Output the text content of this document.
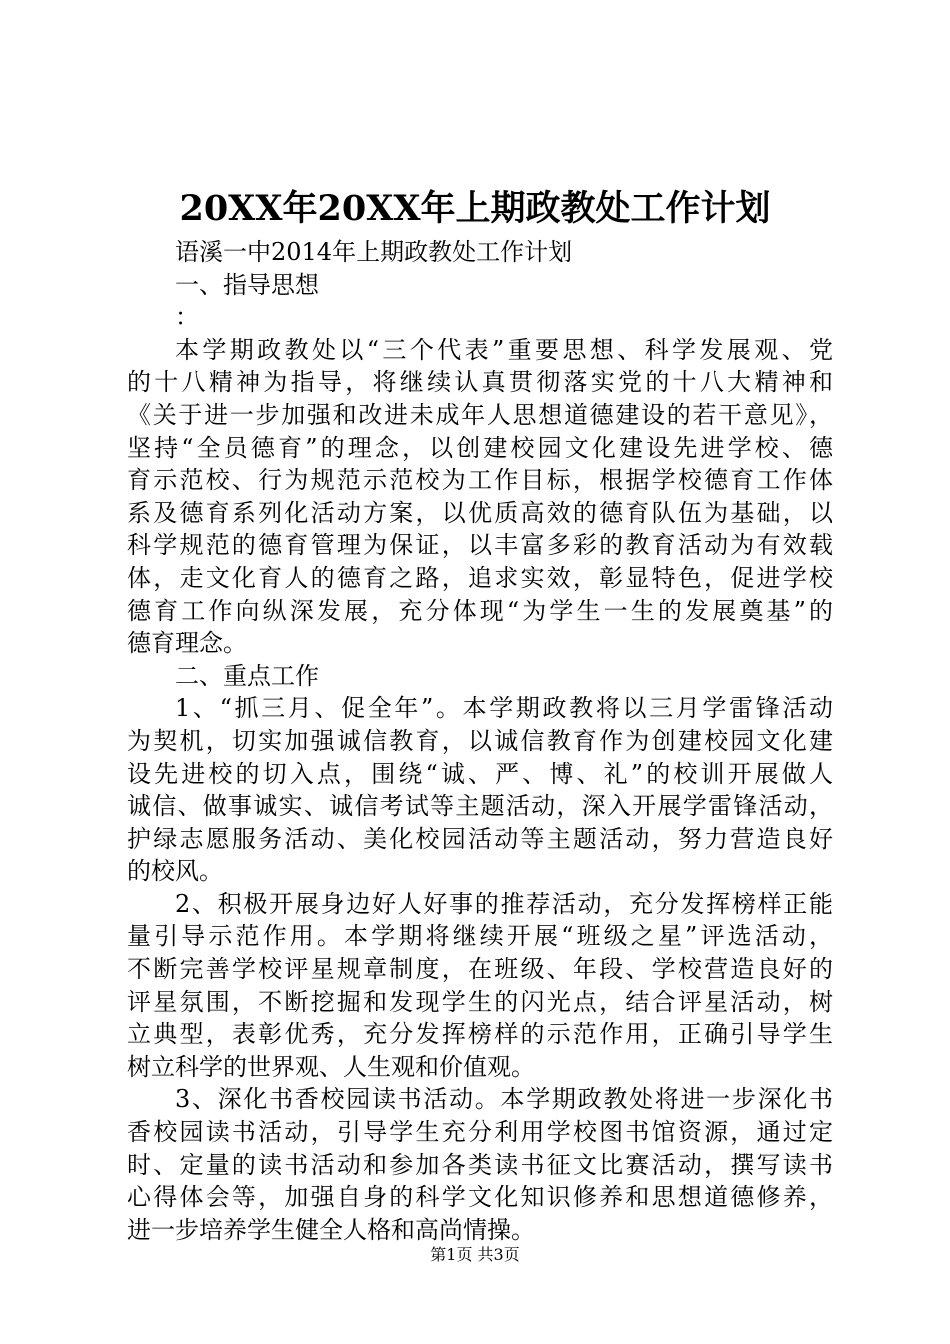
20XX年20XX年上期政教处工作计划
语溪一中2014年上期政教处工作计划
一、指导思想
：
本学期政教处以“三个代表”重要思想、科学发展观、党
的十八精神为指导，将继续认真贯彻落实党的十八大精神和
《关于进一步加强和改进未成年人思想道德建设的若干意见》，
坚持“全员德育”的理念，以创建校园文化建设先进学校、德
育示范校、行为规范示范校为工作目标，根据学校德育工作体
系及德育系列化活动方案，以优质高效的德育队伍为基础，以
科学规范的德育管理为保证，以丰富多彩的教育活动为有效载
体，走文化育人的德育之路，追求实效，彰显特色，促进学校
德育工作向纵深发展，充分体现“为学生一生的发展奠基”的
德育理念。
二、重点工作
1、“抓三月、促全年”。本学期政教将以三月学雷锋活动
为契机，切实加强诚信教育，以诚信教育作为创建校园文化建
设先进校的切入点，围绕“诚、严、博、礼”的校训开展做人
诚信、做事诚实、诚信考试等主题活动，深入开展学雷锋活动，
护绿志愿服务活动、美化校园活动等主题活动，努力营造良好
的校风。
2、积极开展身边好人好事的推荐活动，充分发挥榜样正能
量引导示范作用。本学期将继续开展“班级之星”评选活动，
不断完善学校评星规章制度，在班级、年段、学校营造良好的
评星氛围，不断挖掘和发现学生的闪光点，结合评星活动，树
立典型，表彰优秀，充分发挥榜样的示范作用，正确引导学生
树立科学的世界观、人生观和价值观。
3、深化书香校园读书活动。本学期政教处将进一步深化书
香校园读书活动，引导学生充分利用学校图书馆资源，通过定
时、定量的读书活动和参加各类读书征文比赛活动，撰写读书
心得体会等，加强自身的科学文化知识修养和思想道德修养，
进一步培养学生健全人格和高尚情操。
第1页 共3页
